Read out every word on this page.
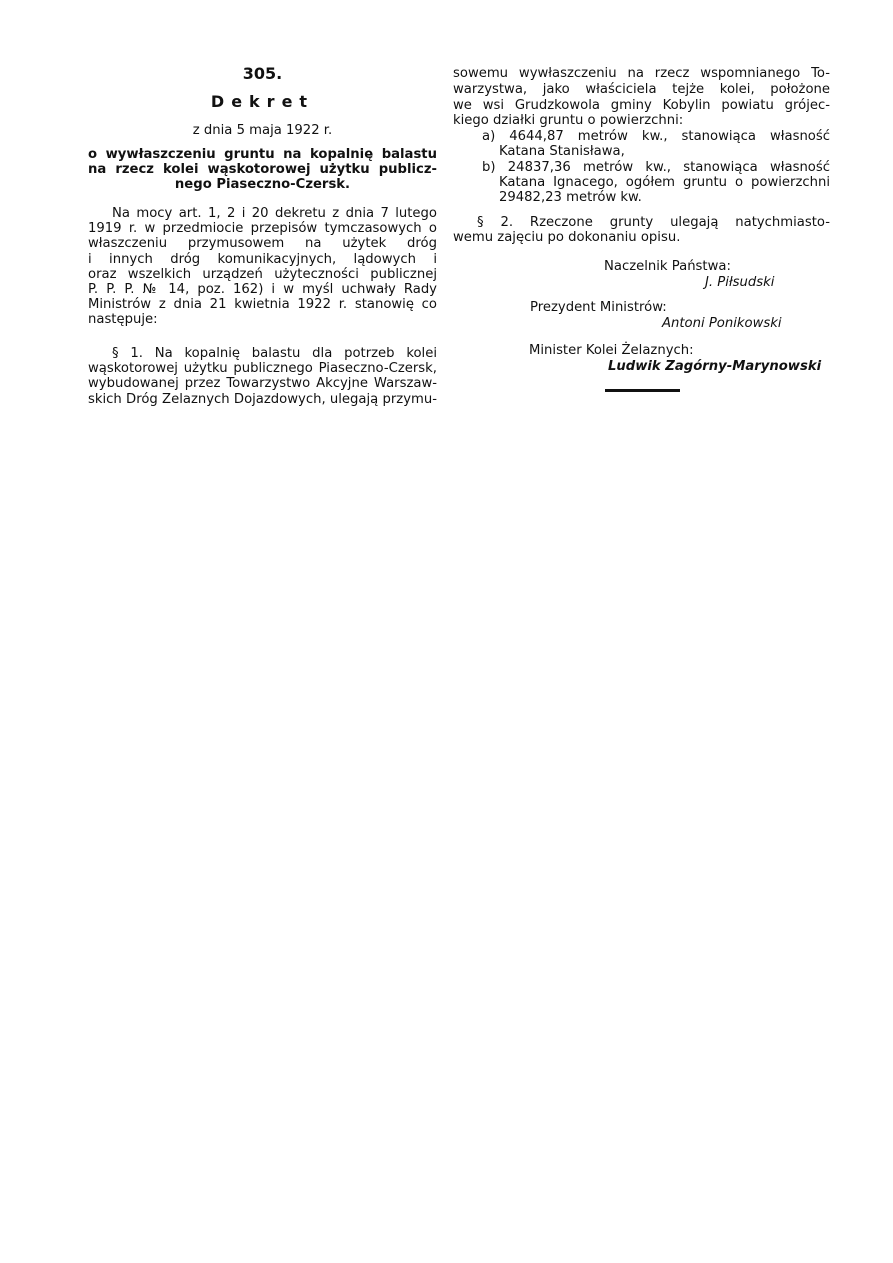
305.
Dekret
z dnia 5 maja 1922 r.
o wywłaszczeniu gruntu na kopalnię balastu
na rzecz kolei wąskotorowej użytku publicz-
nego Piaseczno-Czersk.
Na mocy art. 1, 2 i 20 dekretu z dnia 7 lutego
1919 r. w przedmiocie przepisów tymczasowych o
właszczeniu przymusowem na użytek dróg
i innych dróg komunikacyjnych, lądowych i
oraz wszelkich urządzeń użyteczności publicznej
P. P. P. № 14, poz. 162) i w myśl uchwały Rady
Ministrów z dnia 21 kwietnia 1922 r. stanowię co
następuje:
§ 1. Na kopalnię balastu dla potrzeb kolei
wąskotorowej użytku publicznego Piaseczno-Czersk,
wybudowanej przez Towarzystwo Akcyjne Warszaw-
skich Dróg Żelaznych Dojazdowych, ulegają przymu-
sowemu wywłaszczeniu na rzecz wspomnianego To-
warzystwa, jako właściciela tejże kolei, położone
we wsi Grudzkowola gminy Kobylin powiatu grójec-
kiego działki gruntu o powierzchni:
a) 4644,87 metrów kw., stanowiąca własność
Katana Stanisława,
b) 24837,36 metrów kw., stanowiąca własność
Katana Ignacego, ogółem gruntu o powierzchni
29482,23 metrów kw.
§ 2. Rzeczone grunty ulegają natychmiasto-
wemu zajęciu po dokonaniu opisu.
Naczelnik Państwa:
J. Piłsudski
Prezydent Ministrów:
Antoni Ponikowski
Minister Kolei Żelaznych:
Ludwik Zagórny-Marynowski
